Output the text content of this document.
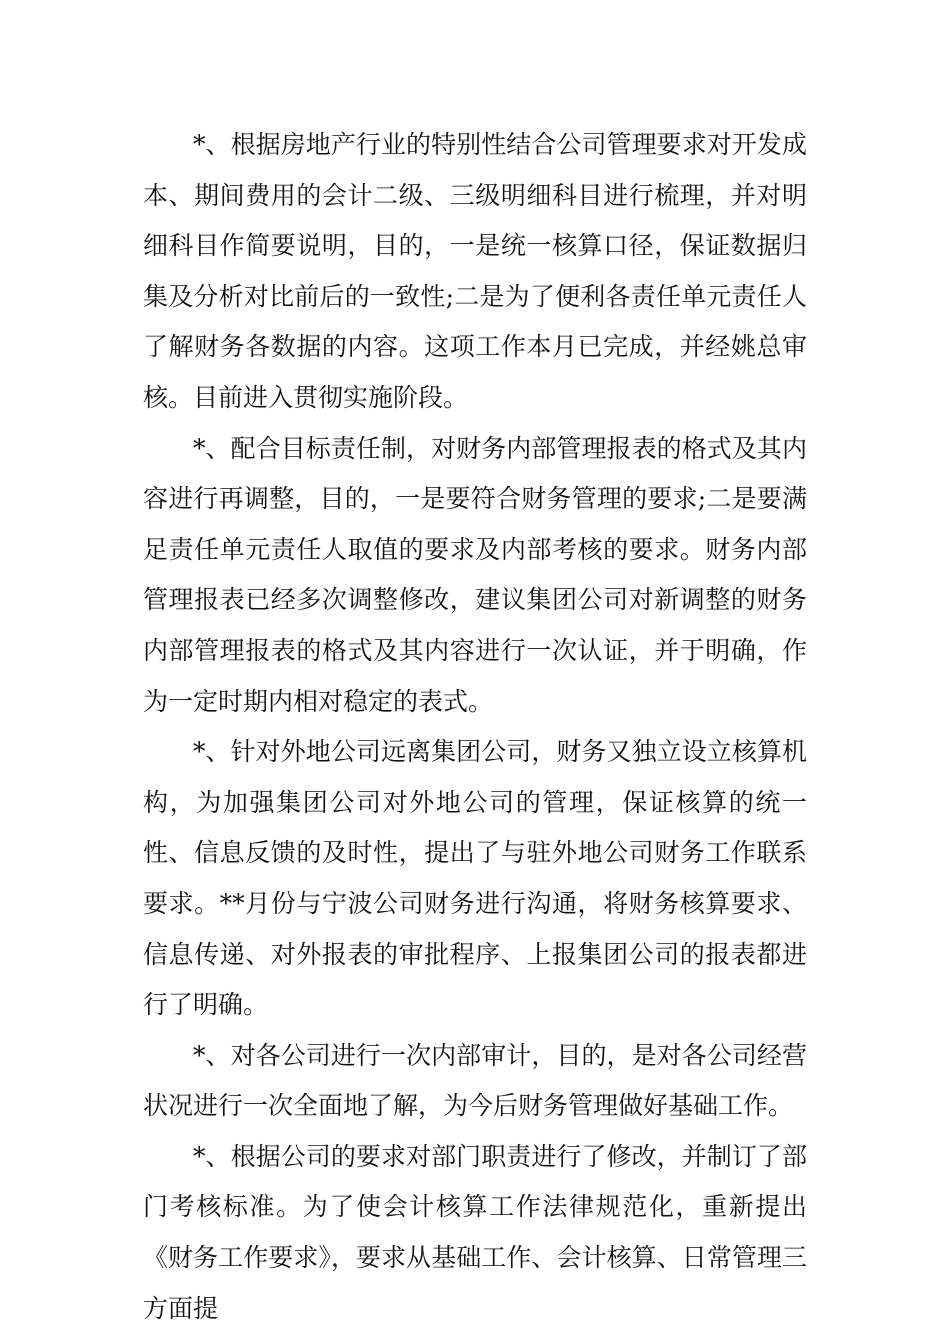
*、根据房地产行业的特别性结合公司管理要求对开发成本、期间费用的会计二级、三级明细科目进行梳理，并对明细科目作简要说明，目的，一是统一核算口径，保证数据归集及分析对比前后的一致性;二是为了便利各责任单元责任人了解财务各数据的内容。这项工作本月已完成，并经姚总审核。目前进入贯彻实施阶段。

*、配合目标责任制，对财务内部管理报表的格式及其内容进行再调整，目的，一是要符合财务管理的要求;二是要满足责任单元责任人取值的要求及内部考核的要求。财务内部管理报表已经多次调整修改，建议集团公司对新调整的财务内部管理报表的格式及其内容进行一次认证，并于明确，作为一定时期内相对稳定的表式。

*、针对外地公司远离集团公司，财务又独立设立核算机构，为加强集团公司对外地公司的管理，保证核算的统一性、信息反馈的及时性，提出了与驻外地公司财务工作联系要求。**月份与宁波公司财务进行沟通，将财务核算要求、信息传递、对外报表的审批程序、上报集团公司的报表都进行了明确。

*、对各公司进行一次内部审计，目的，是对各公司经营状况进行一次全面地了解，为今后财务管理做好基础工作。

*、根据公司的要求对部门职责进行了修改，并制订了部门考核标准。为了使会计核算工作法律规范化，重新提出《财务工作要求》，要求从基础工作、会计核算、日常管理三方面提
